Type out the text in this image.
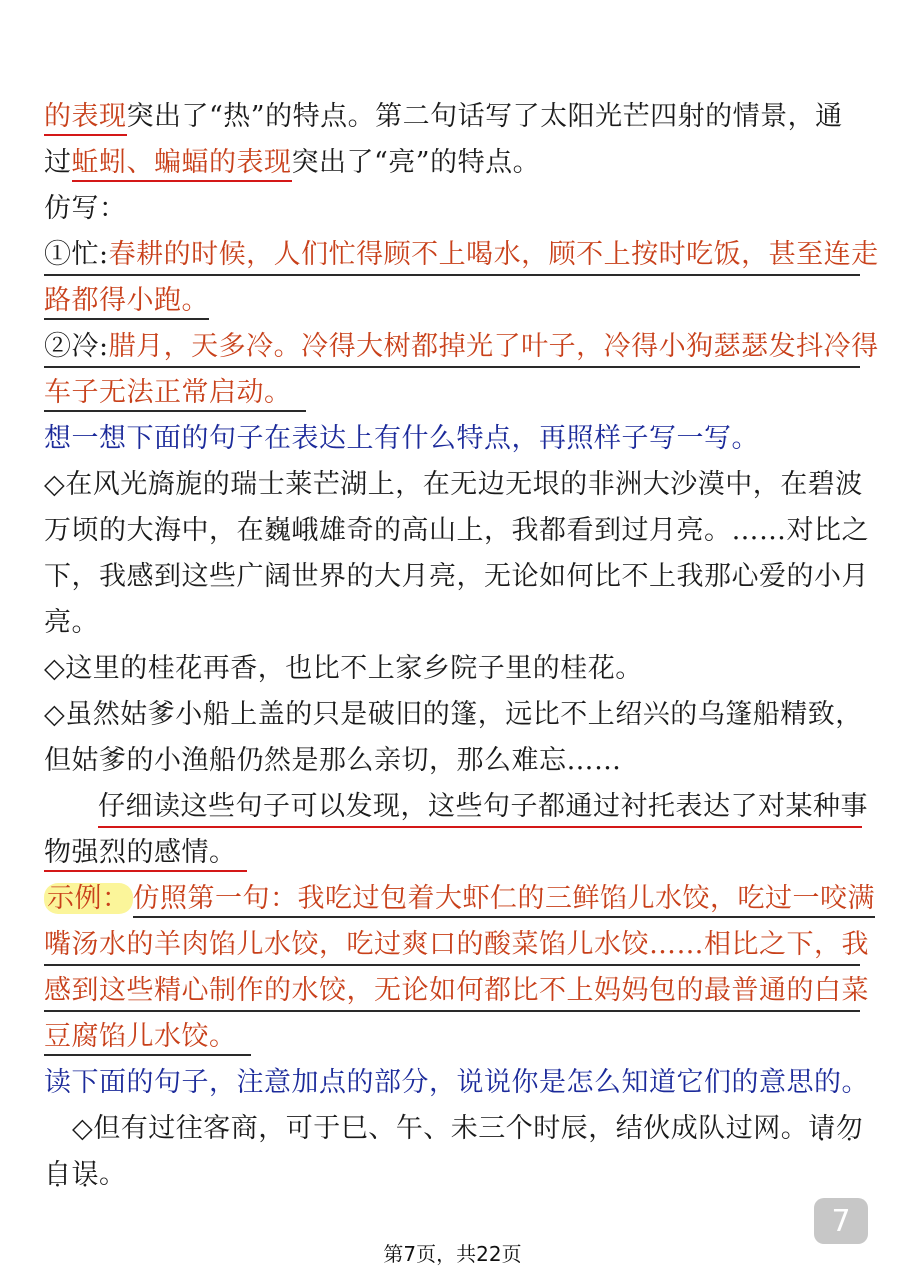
的表现突出了“热”的特点。第二句话写了太阳光芒四射的情景，通
过蚯蚓、蝙蝠的表现突出了“亮”的特点。
仿写：
①忙:春耕的时候，人们忙得顾不上喝水，顾不上按时吃饭，甚至连走
路都得小跑。
②冷:腊月，天多冷。冷得大树都掉光了叶子，冷得小狗瑟瑟发抖冷得
车子无法正常启动。
想一想下面的句子在表达上有什么特点，再照样子写一写。
◇在风光旖旎的瑞士莱芒湖上，在无边无垠的非洲大沙漠中，在碧波
万顷的大海中，在巍峨雄奇的高山上，我都看到过月亮。……对比之
下，我感到这些广阔世界的大月亮，无论如何比不上我那心爱的小月
亮。
◇这里的桂花再香，也比不上家乡院子里的桂花。
◇虽然姑爹小船上盖的只是破旧的篷，远比不上绍兴的乌篷船精致，
但姑爹的小渔船仍然是那么亲切，那么难忘……
仔细读这些句子可以发现，这些句子都通过衬托表达了对某种事
物强烈的感情。
示例： 仿照第一句：我吃过包着大虾仁的三鲜馅儿水饺，吃过一咬满
嘴汤水的羊肉馅儿水饺，吃过爽口的酸菜馅儿水饺……相比之下，我
感到这些精心制作的水饺，无论如何都比不上妈妈包的最普通的白菜
豆腐馅儿水饺。
读下面的句子，注意加点的部分，说说你是怎么知道它们的意思的。
◇但有过往客商，可于巳、午、未三个时辰，结伙成队过网。请勿
自误。
7
第7页，共22页
